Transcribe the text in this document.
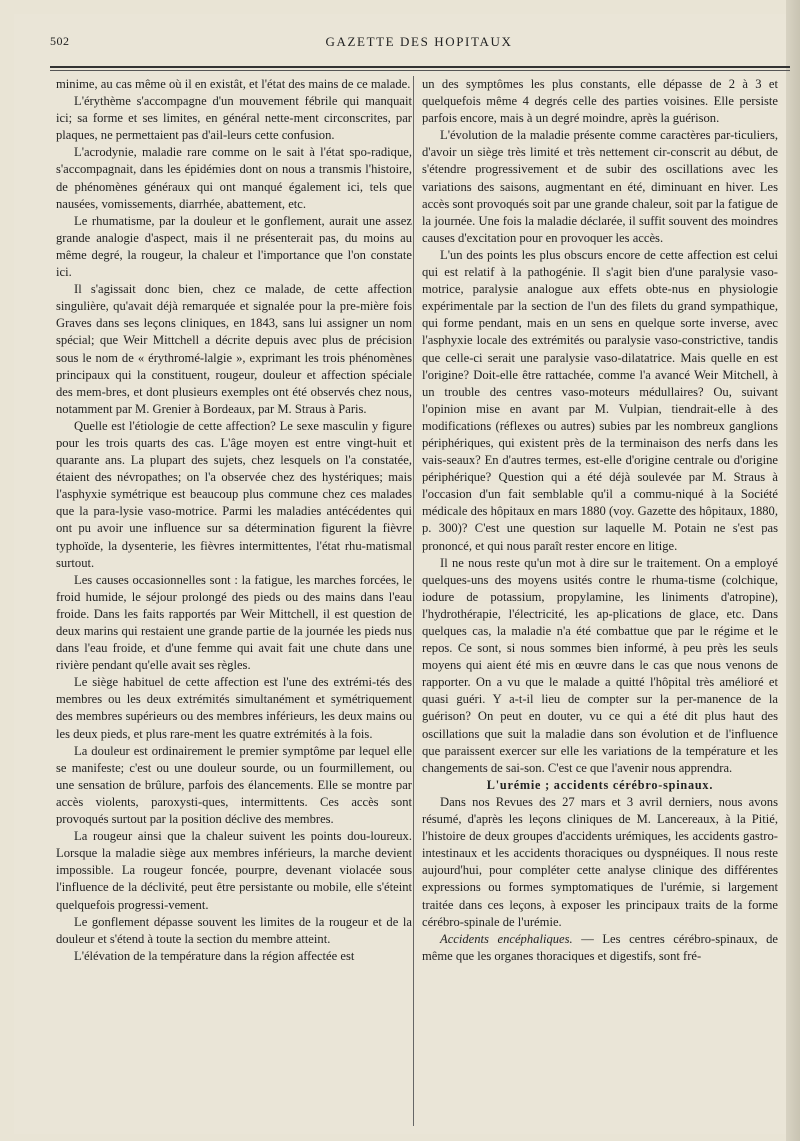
502	GAZETTE DES HOPITAUX

minime, au cas même où il en existât, et l'état des mains de ce malade.

L'érythème s'accompagne d'un mouvement fébrile qui manquait ici; sa forme et ses limites, en général nette-ment circonscrites, par plaques, ne permettaient pas d'ail-leurs cette confusion.

L'acrodynie, maladie rare comme on le sait à l'état spo-radique, s'accompagnait, dans les épidémies dont on nous a transmis l'histoire, de phénomènes généraux qui ont manqué également ici, tels que nausées, vomissements, diarrhée, abattement, etc.

Le rhumatisme, par la douleur et le gonflement, aurait une assez grande analogie d'aspect, mais il ne présenterait pas, du moins au même degré, la rougeur, la chaleur et l'importance que l'on constate ici.

Il s'agissait donc bien, chez ce malade, de cette affection singulière, qu'avait déjà remarquée et signalée pour la pre-mière fois Graves dans ses leçons cliniques, en 1843, sans lui assigner un nom spécial; que Weir Mittchell a décrite depuis avec plus de précision sous le nom de « érythromé-lalgie », exprimant les trois phénomènes principaux qui la constituent, rougeur, douleur et affection spéciale des mem-bres, et dont plusieurs exemples ont été observés chez nous, notamment par M. Grenier à Bordeaux, par M. Straus à Paris.

Quelle est l'étiologie de cette affection? Le sexe masculin y figure pour les trois quarts des cas. L'âge moyen est entre vingt-huit et quarante ans. La plupart des sujets, chez lesquels on l'a constatée, étaient des névropathes; on l'a observée chez des hystériques; mais l'asphyxie symétrique est beaucoup plus commune chez ces malades que la para-lysie vaso-motrice. Parmi les maladies antécédentes qui ont pu avoir une influence sur sa détermination figurent la fièvre typhoïde, la dysenterie, les fièvres intermittentes, l'état rhu-matismal surtout.

Les causes occasionnelles sont : la fatigue, les marches forcées, le froid humide, le séjour prolongé des pieds ou des mains dans l'eau froide. Dans les faits rapportés par Weir Mittchell, il est question de deux marins qui restaient une grande partie de la journée les pieds nus dans l'eau froide, et d'une femme qui avait fait une chute dans une rivière pendant qu'elle avait ses règles.

Le siège habituel de cette affection est l'une des extrémi-tés des membres ou les deux extrémités simultanément et symétriquement des membres supérieurs ou des membres inférieurs, les deux mains ou les deux pieds, et plus rare-ment les quatre extrémités à la fois.

La douleur est ordinairement le premier symptôme par lequel elle se manifeste; c'est ou une douleur sourde, ou un fourmillement, ou une sensation de brûlure, parfois des élancements. Elle se montre par accès violents, paroxysti-ques, intermittents. Ces accès sont provoqués surtout par la position déclive des membres.

La rougeur ainsi que la chaleur suivent les points dou-loureux. Lorsque la maladie siège aux membres inférieurs, la marche devient impossible. La rougeur foncée, pourpre, devenant violacée sous l'influence de la déclivité, peut être persistante ou mobile, elle s'éteint quelquefois progressi-vement.

Le gonflement dépasse souvent les limites de la rougeur et de la douleur et s'étend à toute la section du membre atteint.

L'élévation de la température dans la région affectée est

un des symptômes les plus constants, elle dépasse de 2 à 3 et quelquefois même 4 degrés celle des parties voisines. Elle persiste parfois encore, mais à un degré moindre, après la guérison.

L'évolution de la maladie présente comme caractères par-ticuliers, d'avoir un siège très limité et très nettement cir-conscrit au début, de s'étendre progressivement et de subir des oscillations avec les variations des saisons, augmentant en été, diminuant en hiver. Les accès sont provoqués soit par une grande chaleur, soit par la fatigue de la journée. Une fois la maladie déclarée, il suffit souvent des moindres causes d'excitation pour en provoquer les accès.

L'un des points les plus obscurs encore de cette affection est celui qui est relatif à la pathogénie. Il s'agit bien d'une paralysie vaso-motrice, paralysie analogue aux effets obte-nus en physiologie expérimentale par la section de l'un des filets du grand sympathique, qui forme pendant, mais en un sens en quelque sorte inverse, avec l'asphyxie locale des extrémités ou paralysie vaso-constrictive, tandis que celle-ci serait une paralysie vaso-dilatatrice. Mais quelle en est l'origine? Doit-elle être rattachée, comme l'a avancé Weir Mitchell, à un trouble des centres vaso-moteurs médullaires? Ou, suivant l'opinion mise en avant par M. Vulpian, tiendrait-elle à des modifications (réflexes ou autres) subies par les nombreux ganglions périphériques, qui existent près de la terminaison des nerfs dans les vais-seaux? En d'autres termes, est-elle d'origine centrale ou d'origine périphérique? Question qui a été déjà soulevée par M. Straus à l'occasion d'un fait semblable qu'il a commu-niqué à la Société médicale des hôpitaux en mars 1880 (voy. Gazette des hôpitaux, 1880, p. 300)? C'est une question sur laquelle M. Potain ne s'est pas prononcé, et qui nous paraît rester encore en litige.

Il ne nous reste qu'un mot à dire sur le traitement. On a employé quelques-uns des moyens usités contre le rhuma-tisme (colchique, iodure de potassium, propylamine, les liniments d'atropine), l'hydrothérapie, l'électricité, les ap-plications de glace, etc. Dans quelques cas, la maladie n'a été combattue que par le régime et le repos. Ce sont, si nous sommes bien informé, à peu près les seuls moyens qui aient été mis en œuvre dans le cas que nous venons de rapporter. On a vu que le malade a quitté l'hôpital très amélioré et quasi guéri. Y a-t-il lieu de compter sur la per-manence de la guérison? On peut en douter, vu ce qui a été dit plus haut des oscillations que suit la maladie dans son évolution et de l'influence que paraissent exercer sur elle les variations de la température et les changements de sai-son. C'est ce que l'avenir nous apprendra.

L'urémie ; accidents cérébro-spinaux.

Dans nos Revues des 27 mars et 3 avril derniers, nous avons résumé, d'après les leçons cliniques de M. Lancereaux, à la Pitié, l'histoire de deux groupes d'accidents urémiques, les accidents gastro-intestinaux et les accidents thoraciques ou dyspnéiques. Il nous reste aujourd'hui, pour compléter cette analyse clinique des différentes expressions ou formes symptomatiques de l'urémie, si largement traitée dans ces leçons, à exposer les principaux traits de la forme cérébro-spinale de l'urémie.

Accidents encéphaliques. — Les centres cérébro-spinaux, de même que les organes thoraciques et digestifs, sont fré-
